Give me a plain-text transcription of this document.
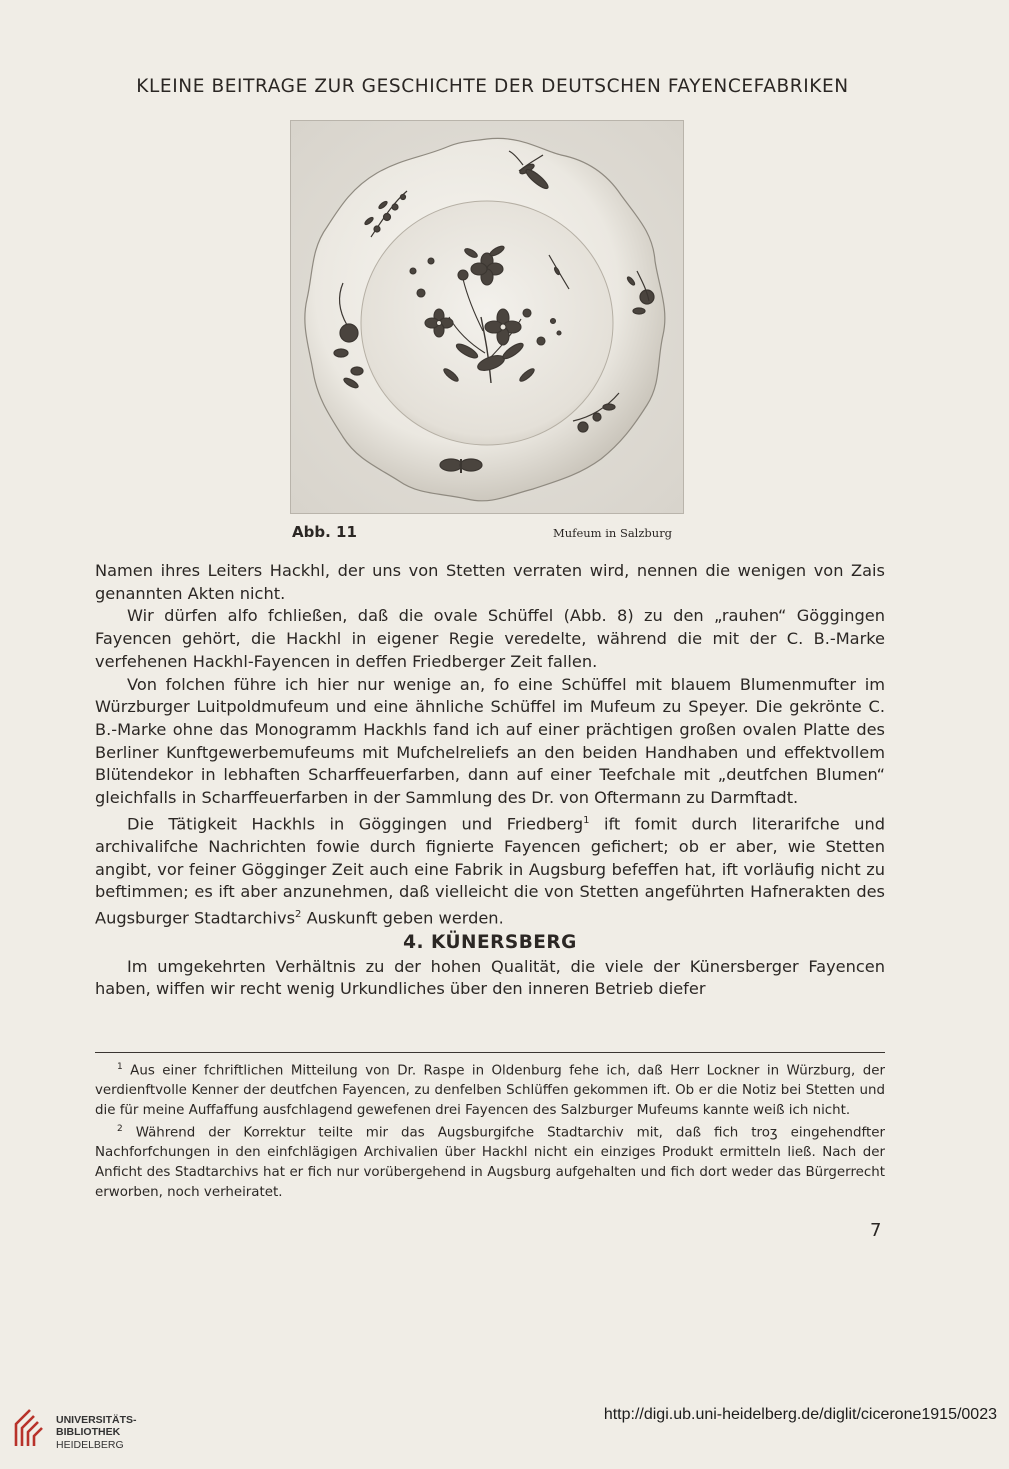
KLEINE BEITRAGE ZUR GESCHICHTE DER DEUTSCHEN FAYENCEFABRIKEN
Abb. 11	Mufeum in Salzburg

Namen ihres Leiters Hackhl, der uns von Stetten verraten wird, nennen die wenigen von Zais genannten Akten nicht.

Wir dürfen alfo fchließen, daß die ovale Schüffel (Abb. 8) zu den „rauhen“ Göggingen Fayencen gehört, die Hackhl in eigener Regie veredelte, während die mit der C. B.-Marke verfehenen Hackhl-Fayencen in deffen Friedberger Zeit fallen.

Von folchen führe ich hier nur wenige an, fo eine Schüffel mit blauem Blumenmufter im Würzburger Luitpoldmufeum und eine ähnliche Schüffel im Mufeum zu Speyer. Die gekrönte C. B.-Marke ohne das Monogramm Hackhls fand ich auf einer prächtigen großen ovalen Platte des Berliner Kunftgewerbemufeums mit Mufchelreliefs an den beiden Handhaben und effektvollem Blütendekor in lebhaften Scharffeuerfarben, dann auf einer Teefchale mit „deutfchen Blumen“ gleichfalls in Scharffeuerfarben in der Sammlung des Dr. von Oftermann zu Darmftadt.

Die Tätigkeit Hackhls in Göggingen und Friedberg$^1$ ift fomit durch literarifche und archivalifche Nachrichten fowie durch fignierte Fayencen gefichert; ob er aber, wie Stetten angibt, vor feiner Gögginger Zeit auch eine Fabrik in Augsburg befeffen hat, ift vorläufig nicht zu beftimmen; es ift aber anzunehmen, daß vielleicht die von Stetten angeführten Hafnerakten des Augsburger Stadtarchivs$^2$ Auskunft geben werden.

4. KÜNERSBERG

Im umgekehrten Verhältnis zu der hohen Qualität, die viele der Künersberger Fayencen haben, wiffen wir recht wenig Urkundliches über den inneren Betrieb diefer

$^1$ Aus einer fchriftlichen Mitteilung von Dr. Raspe in Oldenburg fehe ich, daß Herr Lockner in Würzburg, der verdienftvolle Kenner der deutfchen Fayencen, zu denfelben Schlüffen gekommen ift. Ob er die Notiz bei Stetten und die für meine Auffaffung ausfchlagend gewefenen drei Fayencen des Salzburger Mufeums kannte weiß ich nicht.

$^2$ Während der Korrektur teilte mir das Augsburgifche Stadtarchiv mit, daß fich troʒ eingehendfter Nachforfchungen in den einfchlägigen Archivalien über Hackhl nicht ein einziges Produkt ermitteln ließ. Nach der Anficht des Stadtarchivs hat er fich nur vorübergehend in Augsburg aufgehalten und fich dort weder das Bürgerrecht erworben, noch verheiratet.

7
UNIVERSITÄTS-
BIBLIOTHEK
HEIDELBERG
http://digi.ub.uni-heidelberg.de/diglit/cicerone1915/0023
